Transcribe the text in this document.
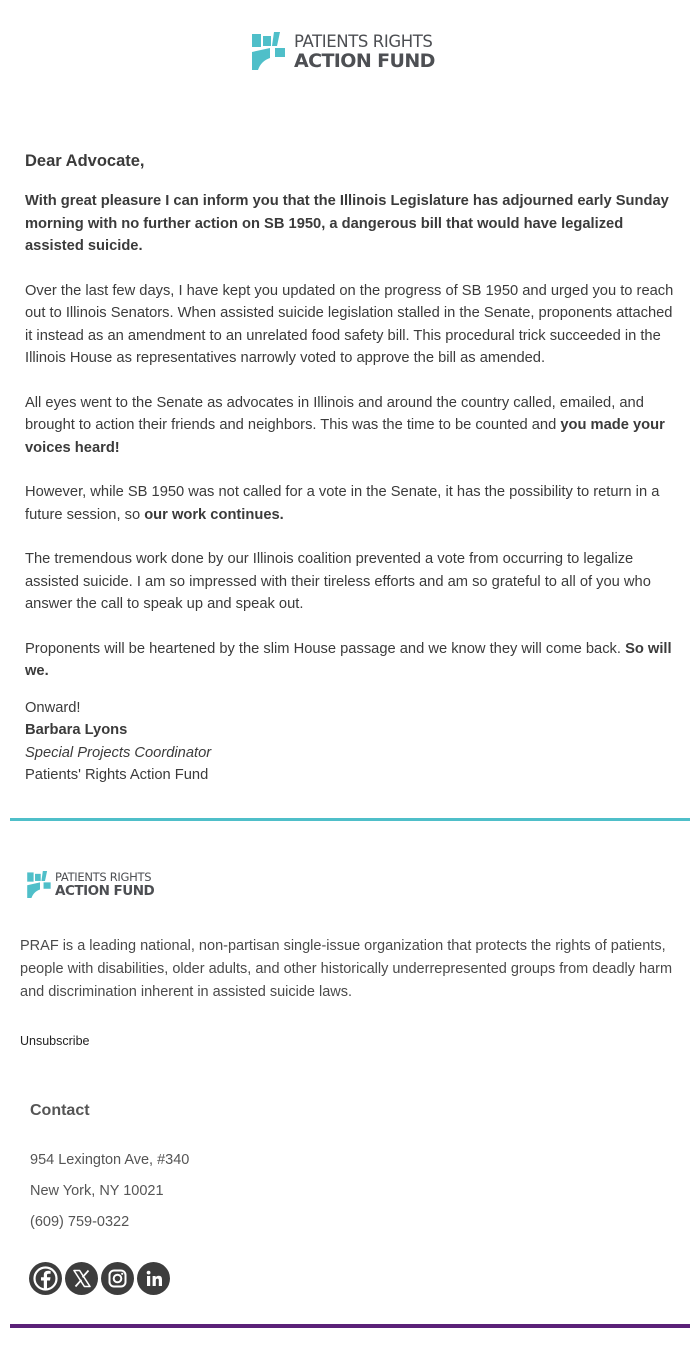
PATIENTS RIGHTS
ACTION FUND

Dear Advocate,

With great pleasure I can inform you that the Illinois Legislature has adjourned early Sunday morning with no further action on SB 1950, a dangerous bill that would have legalized assisted suicide.

Over the last few days, I have kept you updated on the progress of SB 1950 and urged you to reach out to Illinois Senators. When assisted suicide legislation stalled in the Senate, proponents attached it instead as an amendment to an unrelated food safety bill. This procedural trick succeeded in the Illinois House as representatives narrowly voted to approve the bill as amended.

All eyes went to the Senate as advocates in Illinois and around the country called, emailed, and brought to action their friends and neighbors. This was the time to be counted and you made your voices heard!

However, while SB 1950 was not called for a vote in the Senate, it has the possibility to return in a future session, so our work continues.

The tremendous work done by our Illinois coalition prevented a vote from occurring to legalize assisted suicide. I am so impressed with their tireless efforts and am so grateful to all of you who answer the call to speak up and speak out.

Proponents will be heartened by the slim House passage and we know they will come back. So will we.

Onward!
Barbara Lyons
Special Projects Coordinator
Patients' Rights Action Fund
PATIENTS RIGHTS
ACTION FUND

PRAF is a leading national, non-partisan single-issue organization that protects the rights of patients, people with disabilities, older adults, and other historically underrepresented groups from deadly harm and discrimination inherent in assisted suicide laws.

Unsubscribe
Contact
954 Lexington Ave, #340
New York, NY 10021
(609) 759-0322
